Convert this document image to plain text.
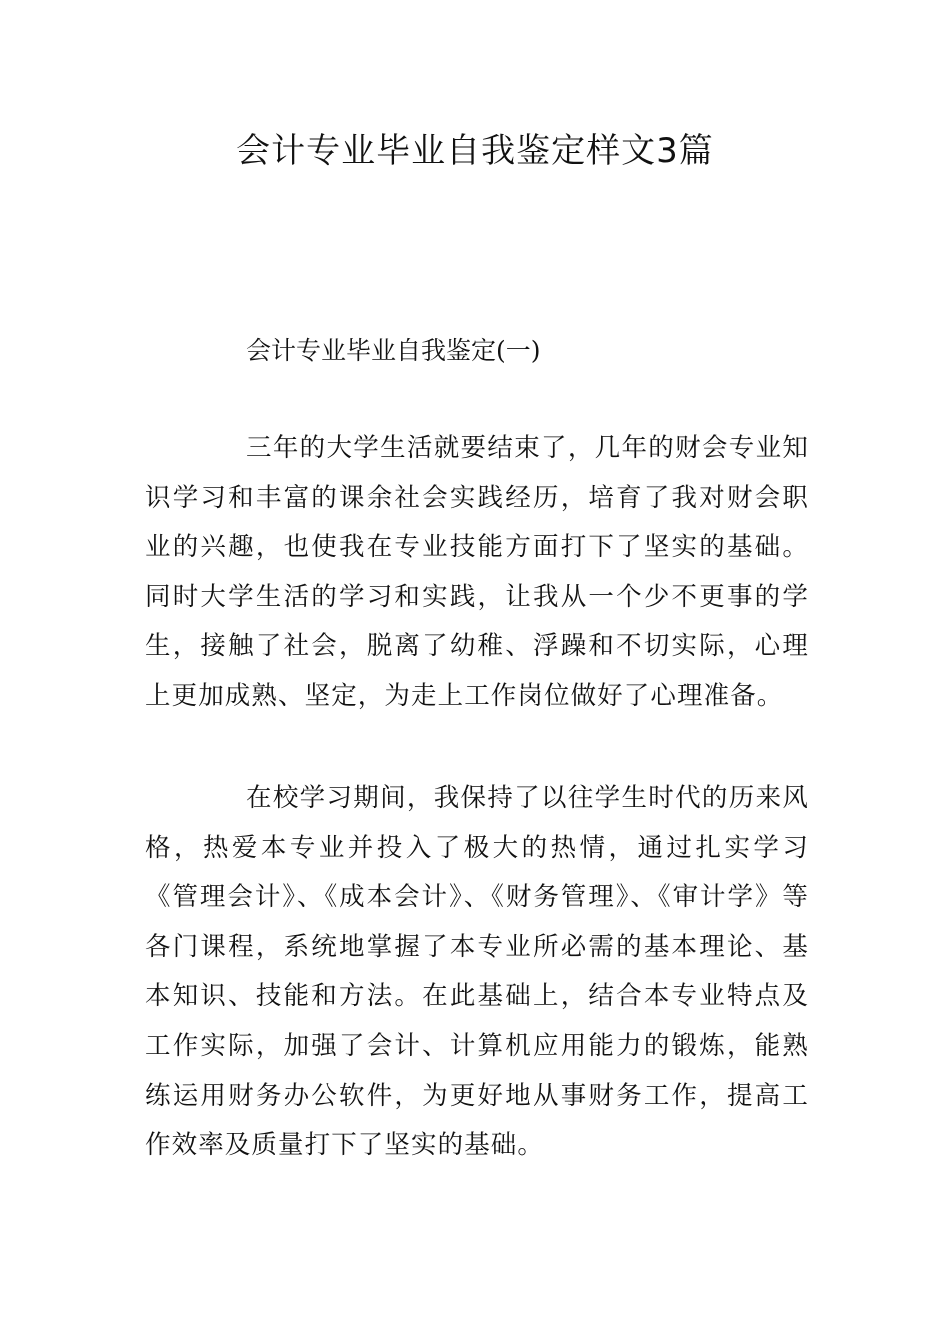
会计专业毕业自我鉴定样文3篇
会计专业毕业自我鉴定(一)

三年的大学生活就要结束了，几年的财会专业知识学习和丰富的课余社会实践经历，培育了我对财会职业的兴趣，也使我在专业技能方面打下了坚实的基础。同时大学生活的学习和实践，让我从一个少不更事的学生，接触了社会，脱离了幼稚、浮躁和不切实际，心理上更加成熟、坚定，为走上工作岗位做好了心理准备。

在校学习期间，我保持了以往学生时代的历来风格，热爱本专业并投入了极大的热情，通过扎实学习《管理会计》、《成本会计》、《财务管理》、《审计学》等各门课程，系统地掌握了本专业所必需的基本理论、基本知识、技能和方法。在此基础上，结合本专业特点及工作实际，加强了会计、计算机应用能力的锻炼，能熟练运用财务办公软件，为更好地从事财务工作，提高工作效率及质量打下了坚实的基础。
